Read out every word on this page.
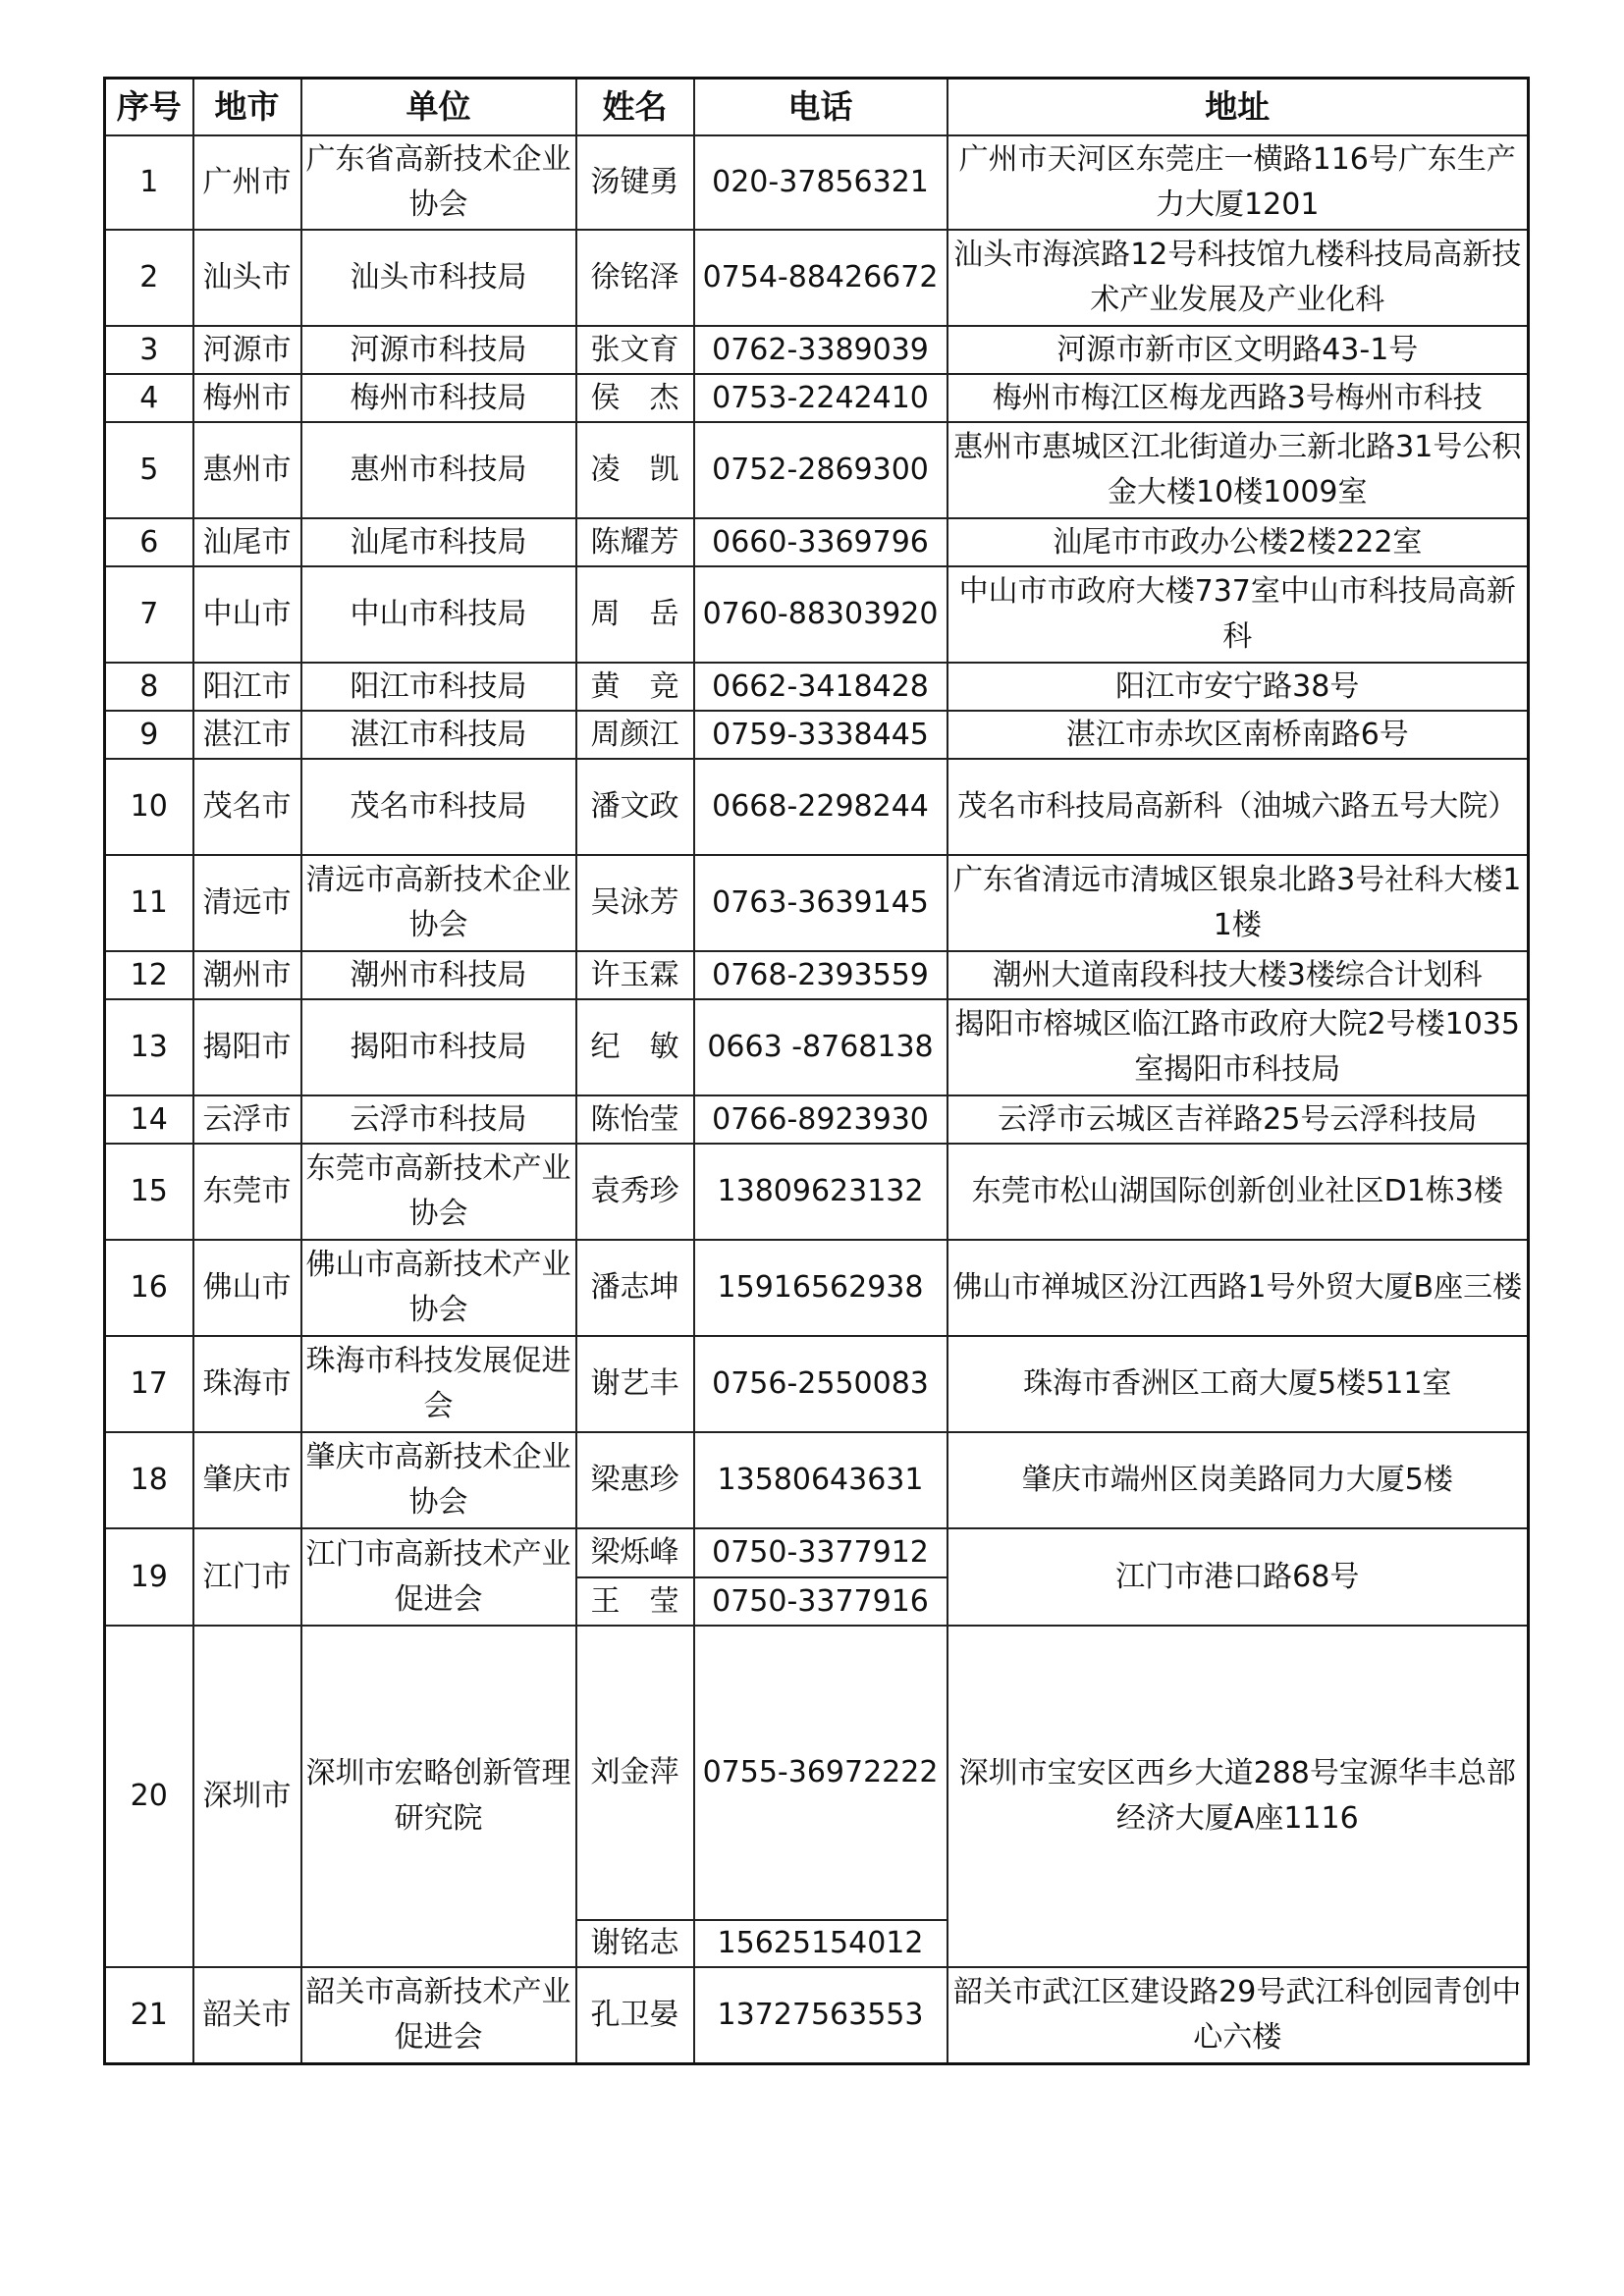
序号	地市	单位	姓名	电话	地址
1	广州市	广东省高新技术企业协会	汤键勇	020-37856321	广州市天河区东莞庄一横路116号广东生产力大厦1201
2	汕头市	汕头市科技局	徐铭泽	0754-88426672	汕头市海滨路12号科技馆九楼科技局高新技术产业发展及产业化科
3	河源市	河源市科技局	张文育	0762-3389039	河源市新市区文明路43-1号
4	梅州市	梅州市科技局	侯　杰	0753-2242410	梅州市梅江区梅龙西路3号梅州市科技
5	惠州市	惠州市科技局	凌　凯	0752-2869300	惠州市惠城区江北街道办三新北路31号公积金大楼10楼1009室
6	汕尾市	汕尾市科技局	陈耀芳	0660-3369796	汕尾市市政办公楼2楼222室
7	中山市	中山市科技局	周　岳	0760-88303920	中山市市政府大楼737室中山市科技局高新科
8	阳江市	阳江市科技局	黄　竞	0662-3418428	阳江市安宁路38号
9	湛江市	湛江市科技局	周颜江	0759-3338445	湛江市赤坎区南桥南路6号
10	茂名市	茂名市科技局	潘文政	0668-2298244	茂名市科技局高新科（油城六路五号大院）
11	清远市	清远市高新技术企业协会	吴泳芳	0763-3639145	广东省清远市清城区银泉北路3号社科大楼11楼
12	潮州市	潮州市科技局	许玉霖	0768-2393559	潮州大道南段科技大楼3楼综合计划科
13	揭阳市	揭阳市科技局	纪　敏	0663 -8768138	揭阳市榕城区临江路市政府大院2号楼1035室揭阳市科技局
14	云浮市	云浮市科技局	陈怡莹	0766-8923930	云浮市云城区吉祥路25号云浮科技局
15	东莞市	东莞市高新技术产业协会	袁秀珍	13809623132	东莞市松山湖国际创新创业社区D1栋3楼
16	佛山市	佛山市高新技术产业协会	潘志坤	15916562938	佛山市禅城区汾江西路1号外贸大厦B座三楼
17	珠海市	珠海市科技发展促进会	谢艺丰	0756-2550083	珠海市香洲区工商大厦5楼511室
18	肇庆市	肇庆市高新技术企业协会	梁惠珍	13580643631	肇庆市端州区岗美路同力大厦5楼
19	江门市	江门市高新技术产业促进会	梁烁峰	0750-3377912	江门市港口路68号
			王　莹	0750-3377916	
20	深圳市	深圳市宏略创新管理研究院	刘金萍	0755-36972222	深圳市宝安区西乡大道288号宝源华丰总部经济大厦A座1116
			谢铭志	15625154012	
21	韶关市	韶关市高新技术产业促进会	孔卫晏	13727563553	韶关市武江区建设路29号武江科创园青创中心六楼
